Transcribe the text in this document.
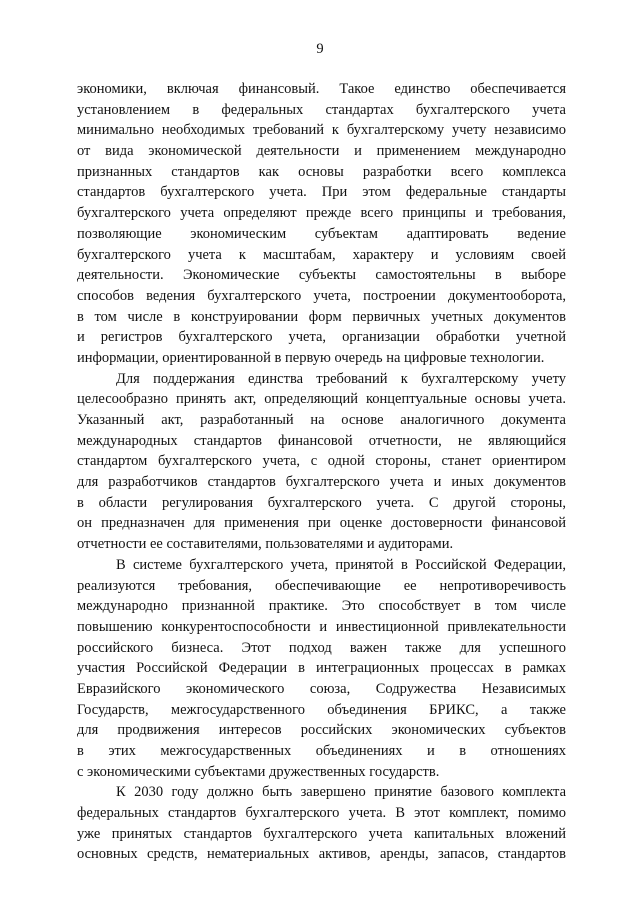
9
экономики, включая финансовый. Такое единство обеспечивается
установлением в федеральных стандартах бухгалтерского учета
минимально необходимых требований к бухгалтерскому учету независимо
от вида экономической деятельности и применением международно
признанных стандартов как основы разработки всего комплекса
стандартов бухгалтерского учета. При этом федеральные стандарты
бухгалтерского учета определяют прежде всего принципы и требования,
позволяющие экономическим субъектам адаптировать ведение
бухгалтерского учета к масштабам, характеру и условиям своей
деятельности. Экономические субъекты самостоятельны в выборе
способов ведения бухгалтерского учета, построении документооборота,
в том числе в конструировании форм первичных учетных документов
и регистров бухгалтерского учета, организации обработки учетной
информации, ориентированной в первую очередь на цифровые технологии.
Для поддержания единства требований к бухгалтерскому учету
целесообразно принять акт, определяющий концептуальные основы учета.
Указанный акт, разработанный на основе аналогичного документа
международных стандартов финансовой отчетности, не являющийся
стандартом бухгалтерского учета, с одной стороны, станет ориентиром
для разработчиков стандартов бухгалтерского учета и иных документов
в области регулирования бухгалтерского учета. С другой стороны,
он предназначен для применения при оценке достоверности финансовой
отчетности ее составителями, пользователями и аудиторами.
В системе бухгалтерского учета, принятой в Российской Федерации,
реализуются требования, обеспечивающие ее непротиворечивость
международно признанной практике. Это способствует в том числе
повышению конкурентоспособности и инвестиционной привлекательности
российского бизнеса. Этот подход важен также для успешного
участия Российской Федерации в интеграционных процессах в рамках
Евразийского экономического союза, Содружества Независимых
Государств, межгосударственного объединения БРИКС, а также
для продвижения интересов российских экономических субъектов
в этих межгосударственных объединениях и в отношениях
с экономическими субъектами дружественных государств.
К 2030 году должно быть завершено принятие базового комплекта
федеральных стандартов бухгалтерского учета. В этот комплект, помимо
уже принятых стандартов бухгалтерского учета капитальных вложений
основных средств, нематериальных активов, аренды, запасов, стандартов
